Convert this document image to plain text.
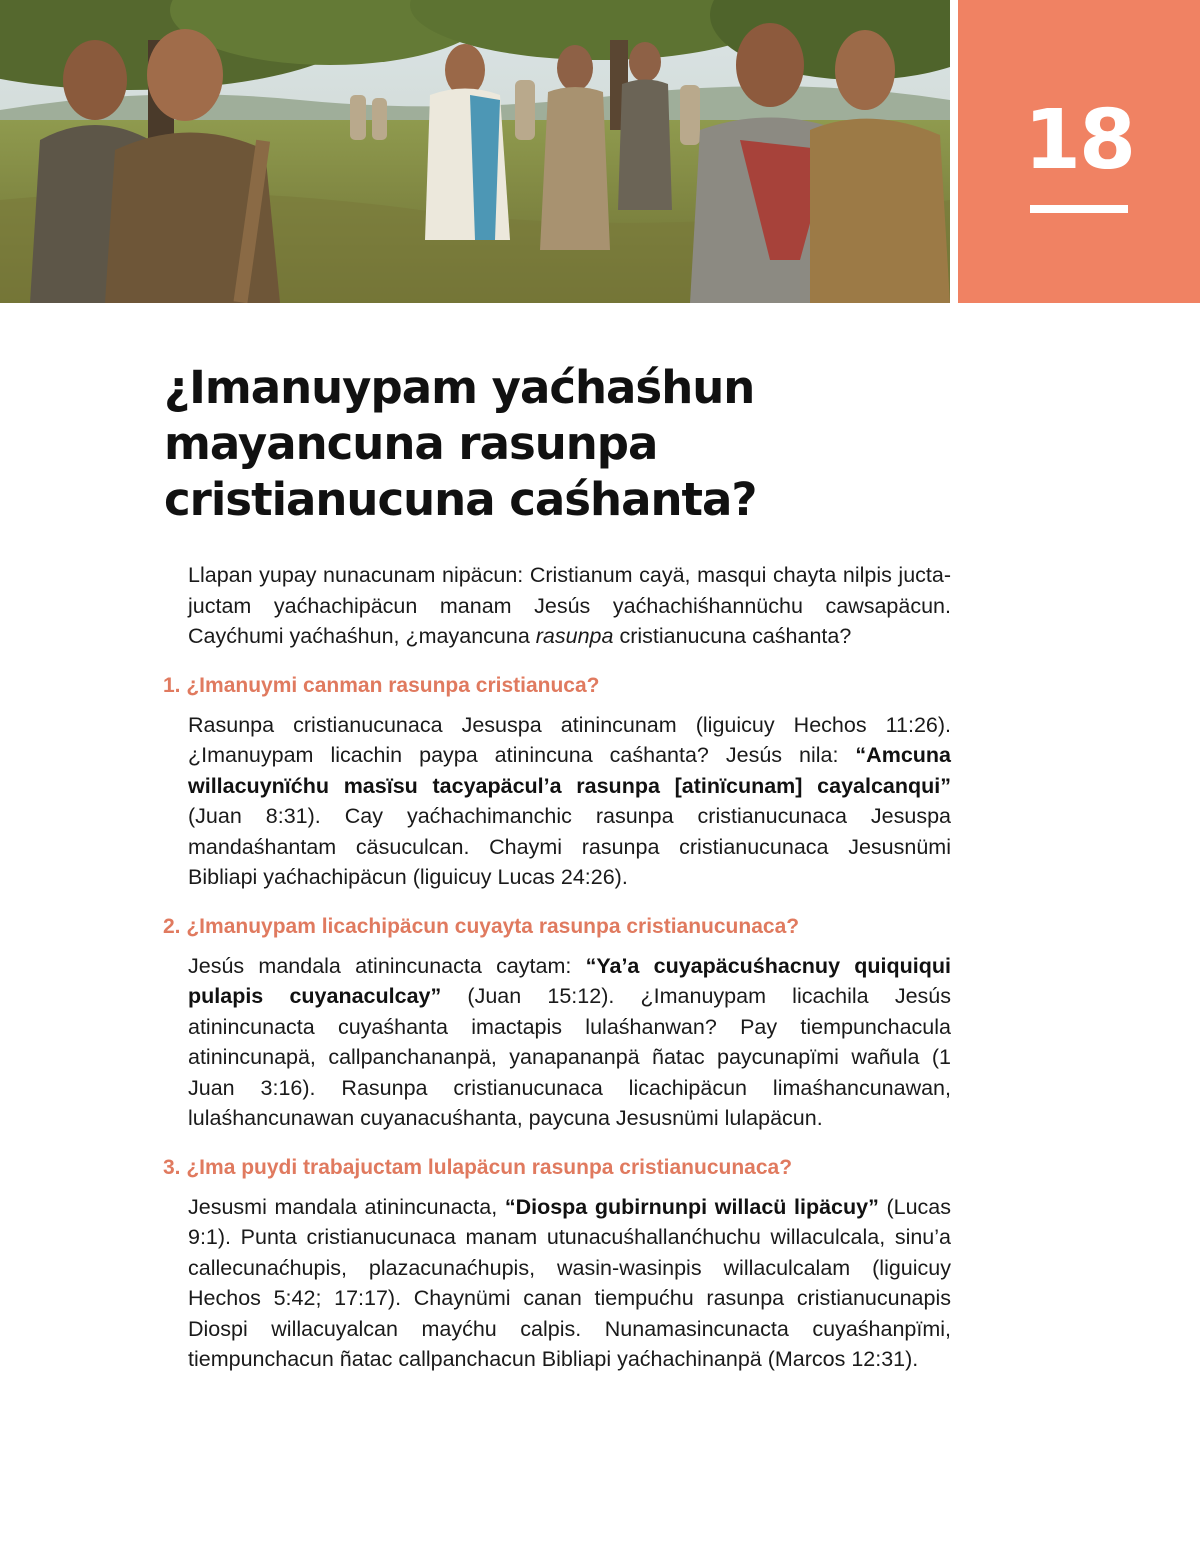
18
¿Imanuypam yaćhaśhun mayancuna rasunpa cristianucuna caśhanta?

Llapan yupay nunacunam nipäcun: Cristianum cayä, masqui chayta nilpis jucta-juctam yaćhachipäcun manam Jesús yaćhachiśhannüchu cawsapäcun. Cayćhumi yaćhaśhun, ¿mayancuna rasunpa cristianucuna caśhanta?

1. ¿Imanuymi canman rasunpa cristianuca?

Rasunpa cristianucunaca Jesuspa atinincunam (liguicuy Hechos 11:26). ¿Imanuypam licachin paypa atinincuna caśhanta? Jesús nila: “Amcuna willacuynïćhu masïsu tacyapäcul’a rasunpa [atinïcunam] cayalcanqui” (Juan 8:31). Cay yaćhachimanchic rasunpa cristianucunaca Jesuspa mandaśhantam cäsuculcan. Chaymi rasunpa cristianucunaca Jesusnümi Bibliapi yaćhachipäcun (liguicuy Lucas 24:26).

2. ¿Imanuypam licachipäcun cuyayta rasunpa cristianucunaca?

Jesús mandala atinincunacta caytam: “Ya’a cuyapäcuśhacnuy quiquiqui pulapis cuyanaculcay” (Juan 15:12). ¿Imanuypam licachila Jesús atinincunacta cuyaśhanta imactapis lulaśhanwan? Pay tiempunchacula atinincunapä, callpanchananpä, yanapananpä ñatac paycunapïmi wañula (1 Juan 3:16). Rasunpa cristianucunaca licachipäcun limaśhancunawan, lulaśhancunawan cuyanacuśhanta, paycuna Jesusnümi lulapäcun.

3. ¿Ima puydi trabajuctam lulapäcun rasunpa cristianucunaca?

Jesusmi mandala atinincunacta, “Diospa gubirnunpi willacü lipäcuy” (Lucas 9:1). Punta cristianucunaca manam utunacuśhallanćhuchu willaculcala, sinu’a callecunaćhupis, plazacunaćhupis, wasin-wasinpis willaculcalam (liguicuy Hechos 5:42; 17:17). Chaynümi canan tiempućhu rasunpa cristianucunapis Diospi willacuyalcan mayćhu calpis. Nunamasincunacta cuyaśhanpïmi, tiempunchacun ñatac callpanchacun Bibliapi yaćhachinanpä (Marcos 12:31).
